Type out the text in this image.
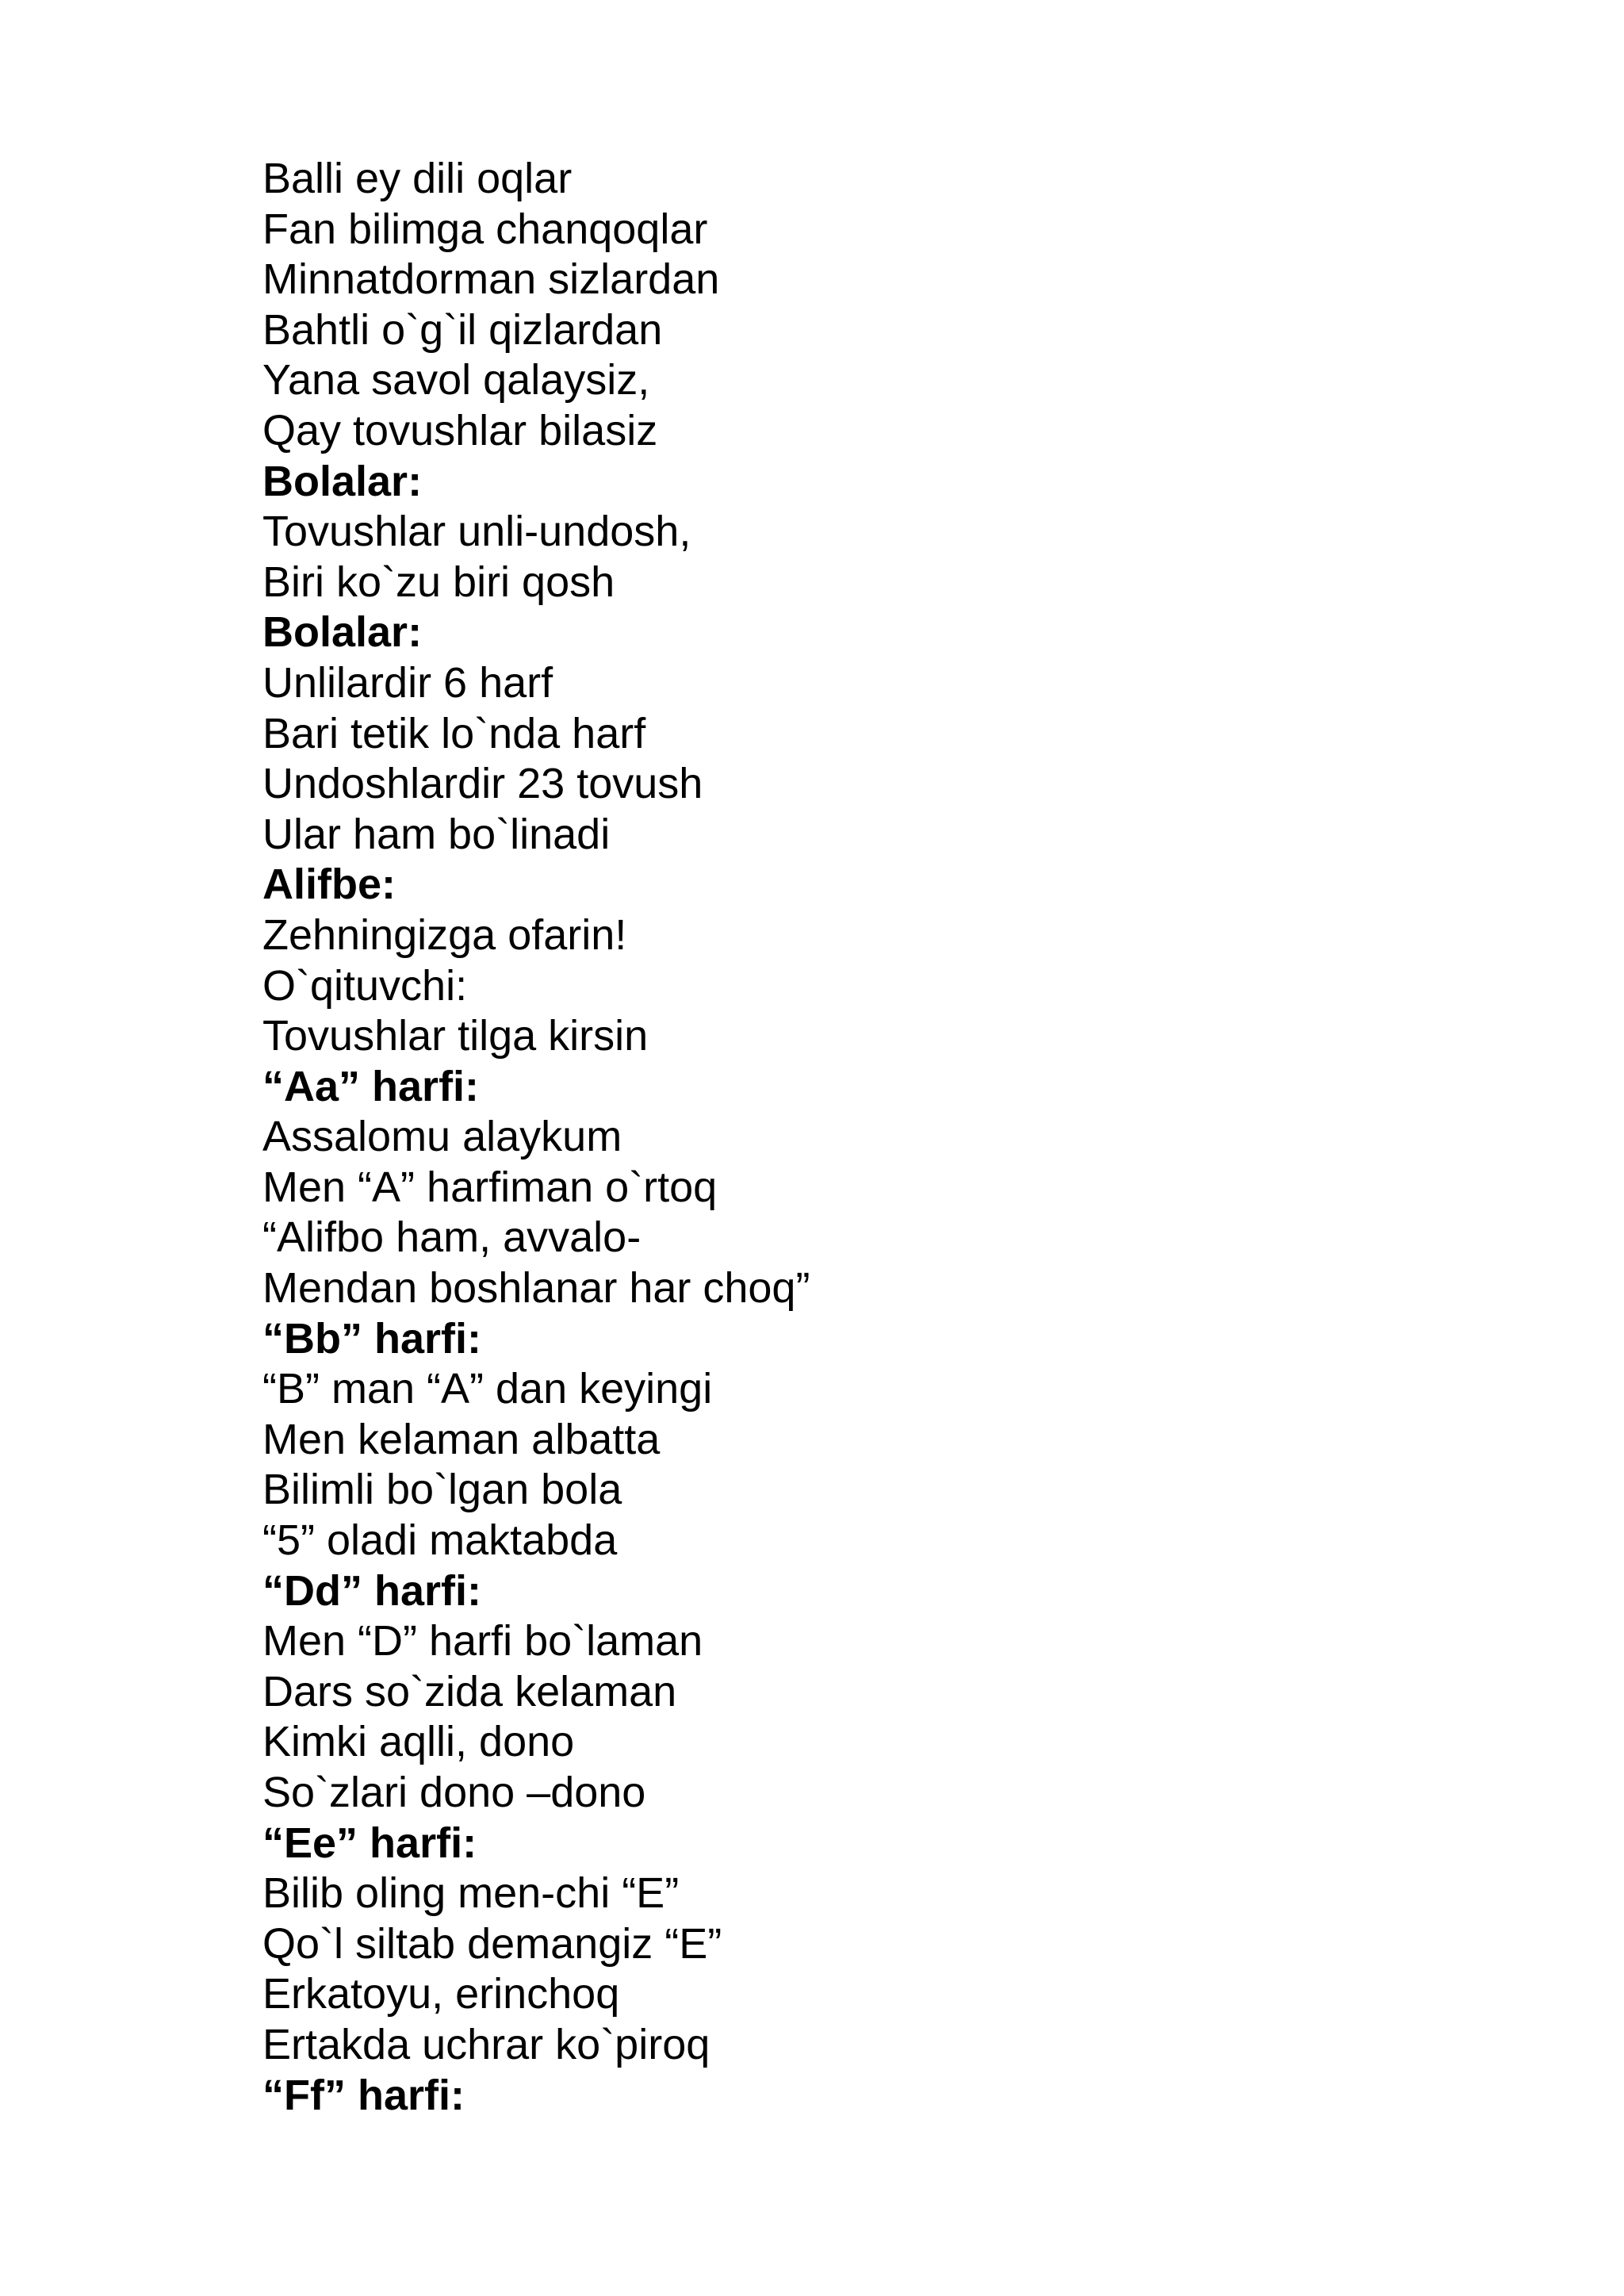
Balli ey dili oqlar
Fan bilimga chanqoqlar
Minnatdorman sizlardan
Bahtli o`g`il qizlardan
Yana savol qalaysiz,
Qay tovushlar bilasiz
Bolalar:
Tovushlar unli-undosh,
Biri ko`zu biri qosh
Bolalar:
Unlilardir 6 harf
Bari tetik lo`nda harf
Undoshlardir 23 tovush
Ular ham bo`linadi
Alifbe:
Zehningizga ofarin!
O`qituvchi:
Tovushlar tilga kirsin
“Aa” harfi:
Assalomu alaykum
Men “A” harfiman o`rtoq
“Alifbo ham, avvalo-
Mendan boshlanar har choq”
“Bb” harfi:
“B” man “A” dan keyingi
Men kelaman albatta
Bilimli bo`lgan bola
“5” oladi maktabda
“Dd” harfi:
Men “D” harfi bo`laman
Dars so`zida kelaman
Kimki aqlli, dono
So`zlari dono –dono
“Ee” harfi:
Bilib oling men-chi “E”
Qo`l siltab demangiz “E”
Erkatoyu, erinchoq
Ertakda uchrar ko`piroq
“Ff” harfi:
